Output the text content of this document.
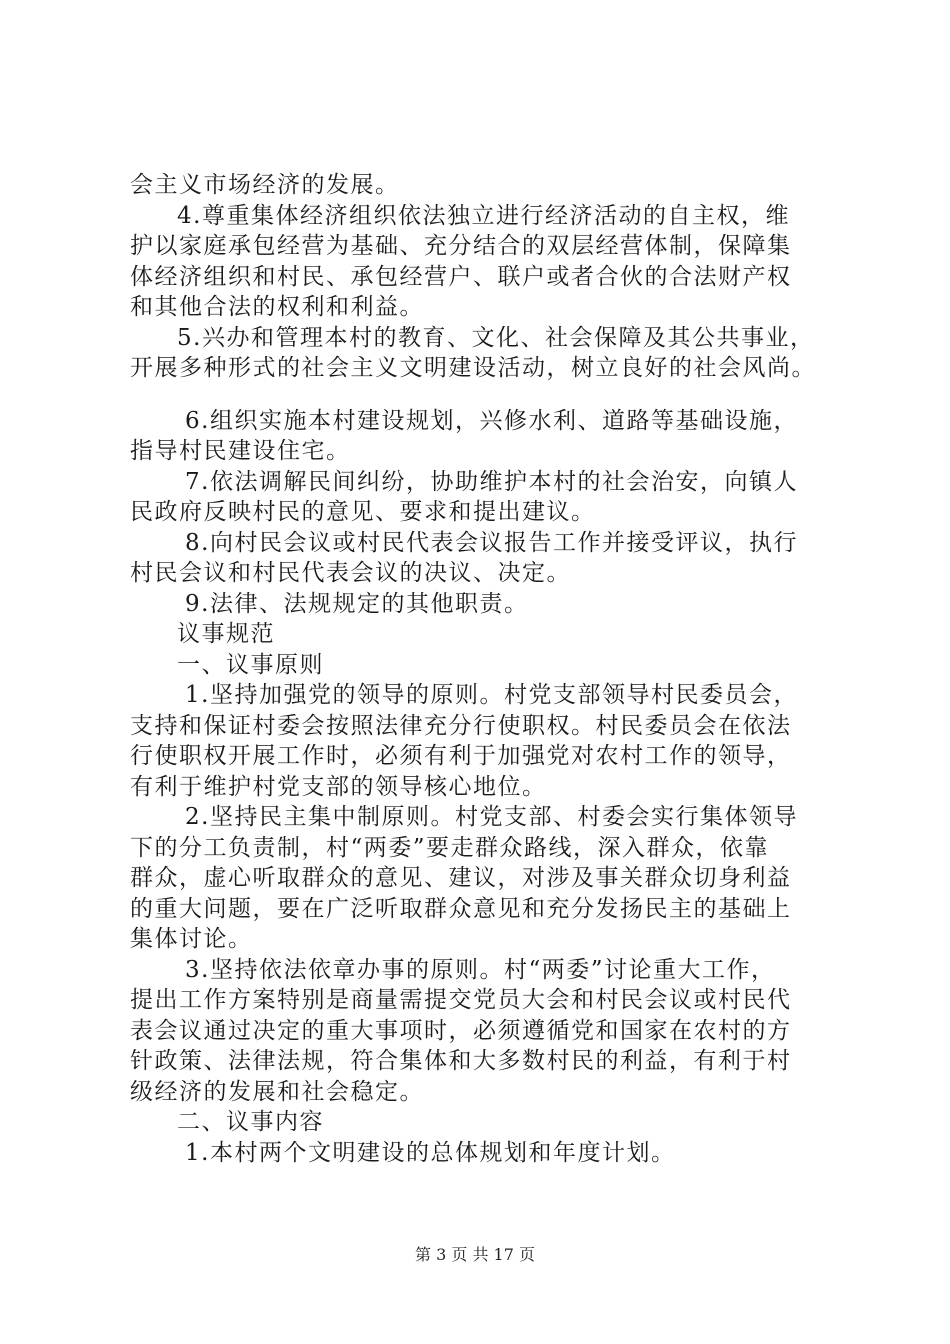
会主义市场经济的发展。
4.尊重集体经济组织依法独立进行经济活动的自主权，维
护以家庭承包经营为基础、充分结合的双层经营体制，保障集
体经济组织和村民、承包经营户、联户或者合伙的合法财产权
和其他合法的权利和利益。
5.兴办和管理本村的教育、文化、社会保障及其公共事业，
开展多种形式的社会主义文明建设活动，树立良好的社会风尚。
6.组织实施本村建设规划，兴修水利、道路等基础设施，
指导村民建设住宅。
7.依法调解民间纠纷，协助维护本村的社会治安，向镇人
民政府反映村民的意见、要求和提出建议。
8.向村民会议或村民代表会议报告工作并接受评议，执行
村民会议和村民代表会议的决议、决定。
9.法律、法规规定的其他职责。
议事规范
一、议事原则
1.坚持加强党的领导的原则。村党支部领导村民委员会，
支持和保证村委会按照法律充分行使职权。村民委员会在依法
行使职权开展工作时，必须有利于加强党对农村工作的领导，
有利于维护村党支部的领导核心地位。
2.坚持民主集中制原则。村党支部、村委会实行集体领导
下的分工负责制，村“两委”要走群众路线，深入群众，依靠
群众，虚心听取群众的意见、建议，对涉及事关群众切身利益
的重大问题，要在广泛听取群众意见和充分发扬民主的基础上
集体讨论。
3.坚持依法依章办事的原则。村“两委”讨论重大工作，
提出工作方案特别是商量需提交党员大会和村民会议或村民代
表会议通过决定的重大事项时，必须遵循党和国家在农村的方
针政策、法律法规，符合集体和大多数村民的利益，有利于村
级经济的发展和社会稳定。
二、议事内容
1.本村两个文明建设的总体规划和年度计划。
第 3 页 共 17 页
